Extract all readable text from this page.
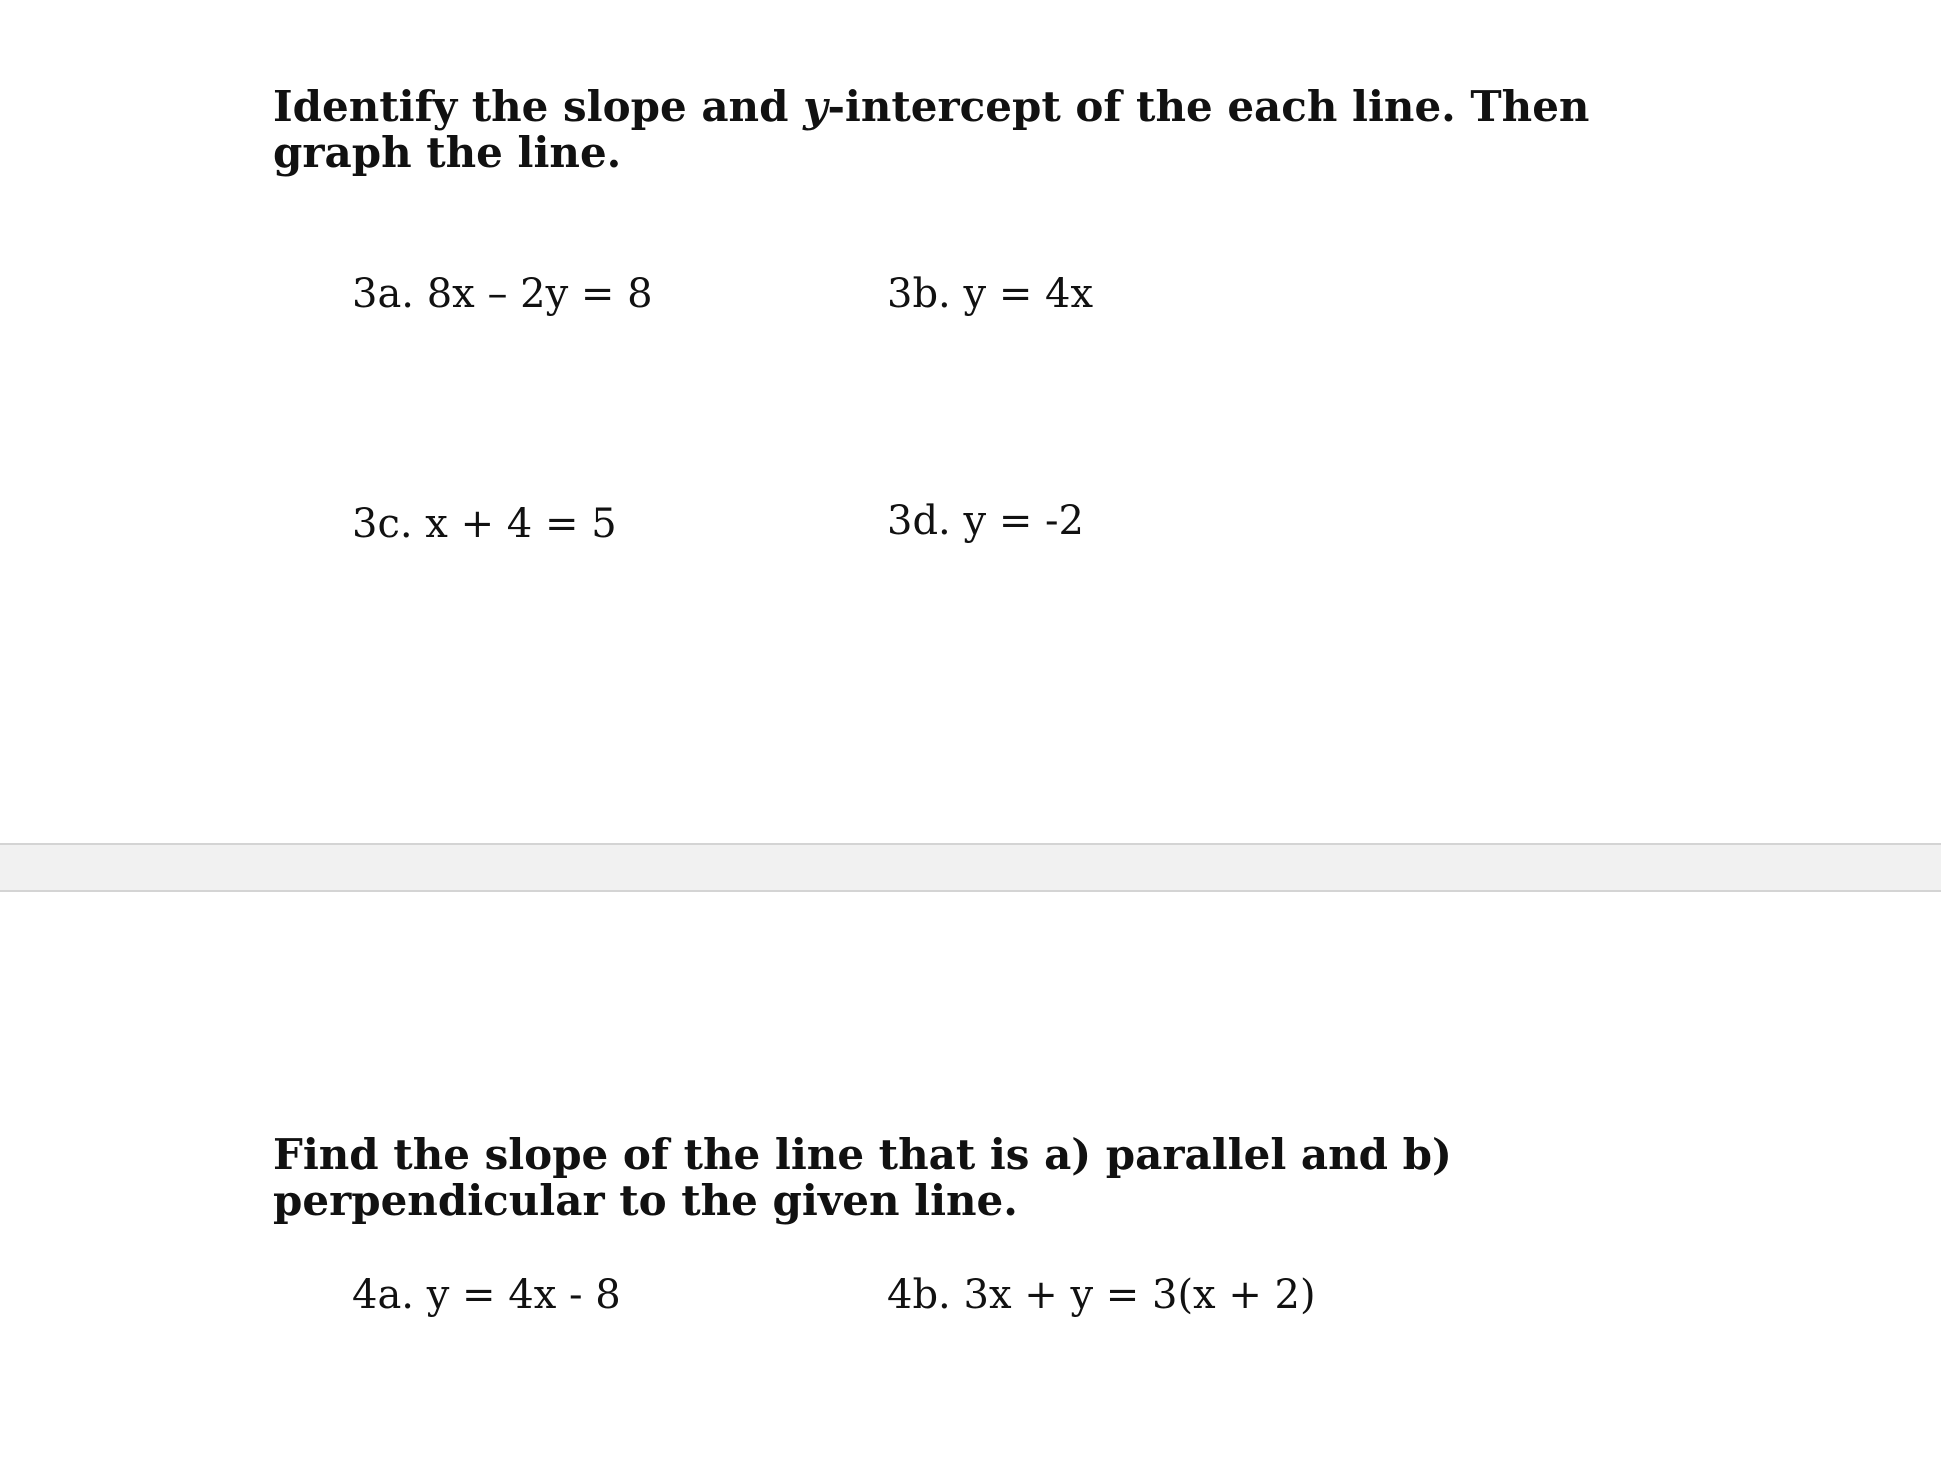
Identify the slope and y-intercept of the each line. Then graph the line.

3a. 8x – 2y = 8	3b. y = 4x
3c. x + 4 = 5	3d. y = -2

Find the slope of the line that is a) parallel and b) perpendicular to the given line.

4a. y = 4x - 8	4b. 3x + y = 3(x + 2)
